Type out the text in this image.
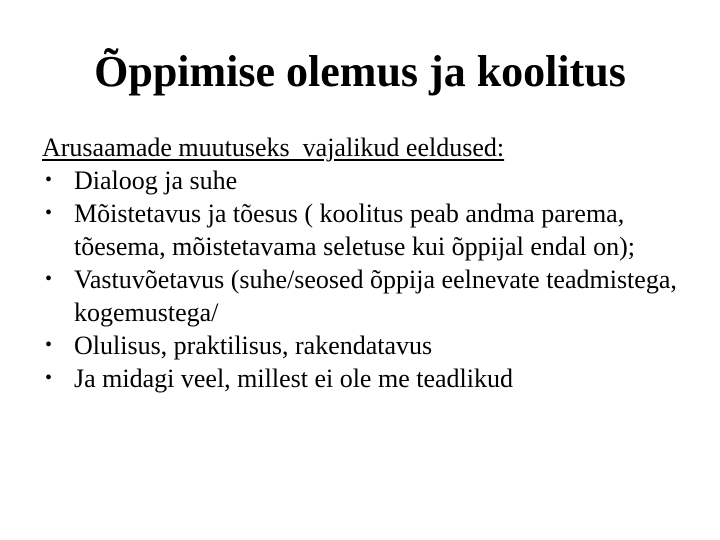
Õppimise olemus ja koolitus
Arusaamade muutuseks  vajalikud eeldused:
• Dialoog ja suhe
• Mõistetavus ja tõesus ( koolitus peab andma parema, tõesema, mõistetavama seletuse kui õppijal endal on);
• Vastuvõetavus (suhe/seosed õppija eelnevate teadmistega, kogemustega/
• Olulisus, praktilisus, rakendatavus
• Ja midagi veel, millest ei ole me teadlikud
